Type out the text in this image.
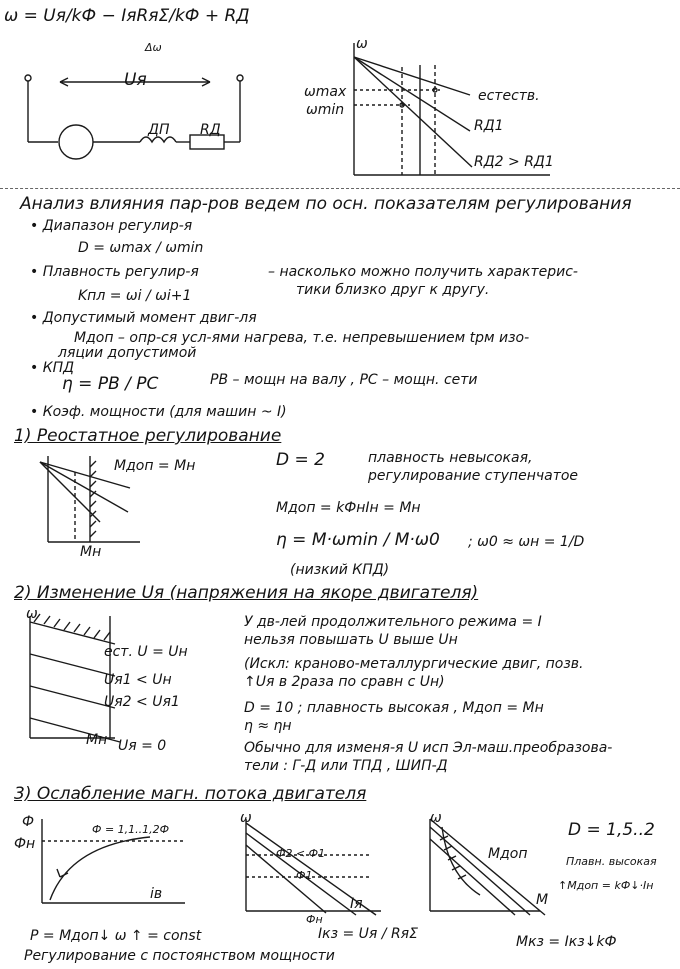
ω = Uя/kФ − IяRяΣ/kФ + RД
Δω
Uя
ДП RД
ω
ωmax
ωmin
естеств.
RД1
RД2 > RД1
Анализ влияния пар-ров ведем по осн. показателям регулирования
• Диапазон регулир-я
D = ωmax / ωmin
• Плавность регулир-я
Kпл = ωi / ωi+1
– насколько можно получить характерис-
тики близко друг к другу.
• Допустимый момент двиг-ля
Mдоп – опр-ся усл-ями нагрева, т.е. непревышением tрм изо-
ляции допустимой
• КПД
η = PB / PC	PB – мощн на валу , PC – мощн. сети
• Коэф. мощности (для машин ~ I)
1) Реостатное регулирование
Mдоп = Mн
Mн
D = 2	плавность невысокая,
регулирование ступенчатое
Mдоп = kФнIн = Mн
η = M·ωmin / M·ω0 ; ω0 ≈ ωн = 1/D
(низкий КПД)
2) Изменение Uя (напряжения на якоре двигателя)
ω
ест. U = Uн
Uя1 < Uн
Uя2 < Uя1
Mн Uя = 0
У дв-лей продолжительного режима = I
нельзя повышать U выше Uн
(Искл: краново-металлургические двиг, позв.
↑Uя в 2раза по сравн с Uн)
D = 10 ; плавность высокая , Mдоп = Mн
η ≈ ηн
Обычно для изменя-я U исп Эл-маш.преобразова-
тели : Г-Д или ТПД , ШИП-Д
3) Ослабление магн. потока двигателя
Ф
Фн
Ф = 1,1..1,2Ф
iв
ω
Ф2 < Ф1
Ф1
Фн
Iя
ω
Mдоп
M
D = 1,5..2
Плавн. высокая
↑Mдоп = kФ↓·Iн
P = Mдоп↓ ω ↑ = const
Регулирование с постоянством мощности
Iкз = Uя / RяΣ	Mкз = Iкз↓kФ
